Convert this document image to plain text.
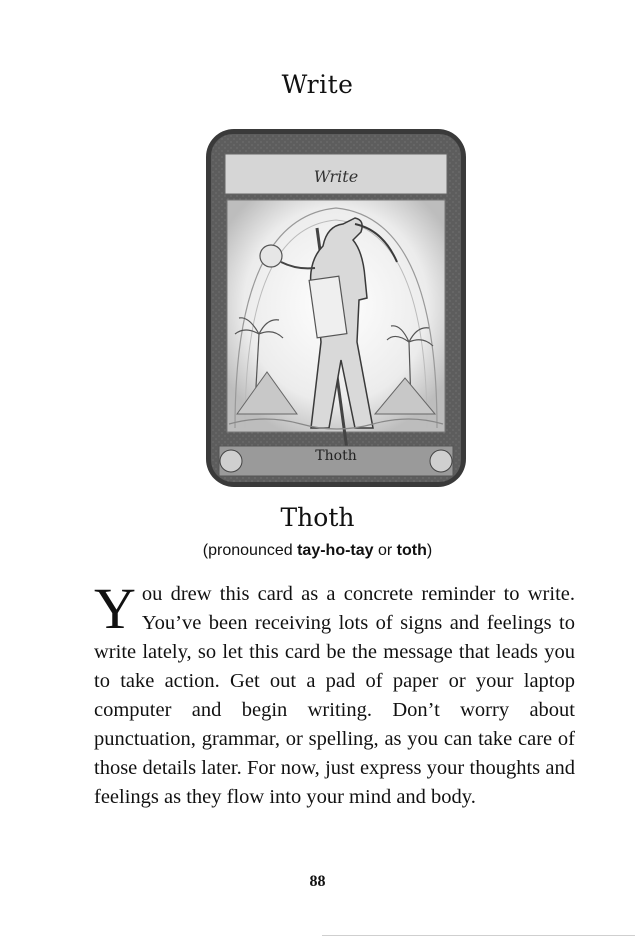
Write
Write
Thoth
Thoth
(pronounced tay-ho-tay or toth)
You drew this card as a concrete reminder to write. You’ve been receiving lots of signs and feelings to write lately, so let this card be the message that leads you to take action. Get out a pad of paper or your laptop computer and begin writing. Don’t worry about punctuation, grammar, or spelling, as you can take care of those details later. For now, just express your thoughts and feelings as they flow into your mind and body.
88
